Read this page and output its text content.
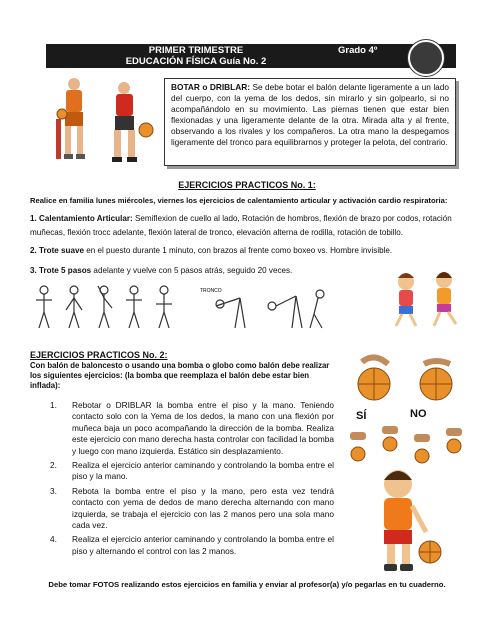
PRIMER TRIMESTRE
EDUCACIÓN FÍSICA Guía No. 2
Grado 4º
BOTAR o DRIBLAR: Se debe botar el balón delante ligeramente a un lado del cuerpo, con la yema de los dedos, sin mirarlo y sin golpearlo, si no acompañándolo en su movimiento. Las piernas tienen que estar bien flexionadas y una ligeramente delante de la otra. Mirada alta y al frente, observando a los rivales y los compañeros. La otra mano la despegamos ligeramente del tronco para equilibrarnos y proteger la pelota, del contrario.
EJERCICIOS PRACTICOS No. 1:
Realice en familia lunes miércoles, viernes los ejercicios de calentamiento articular y activación cardio respiratoria:
1. Calentamiento Articular: Semiflexion de cuello al lado, Rotación de hombros, flexión de brazo por codos, rotación muñecas, flexión trocc adelante, flexión lateral de tronco, elevación alterna de rodilla, rotación de tobillo.
2. Trote suave en el puesto durante 1 minuto, con brazos al frente como boxeo vs. Hombre invisible.
3. Trote 5 pasos adelante y vuelve con 5 pasos atrás, seguido 20 veces.
TRONCO
EJERCICIOS PRACTICOS No. 2:
Con balón de baloncesto o usando una bomba o globo como balón debe realizar los siguientes ejercicios: (la bomba que reemplaza el balón debe estar bien inflada):
1. Rebotar o DRIBLAR la bomba entre el piso y la mano. Teniendo contacto solo con la Yema de los dedos, la mano con una flexión por muñeca baja un poco acompañando la dirección de la bomba. Realiza este ejercicio con mano derecha hasta controlar con facilidad la bomba y luego con mano izquierda. Estático sin desplazamiento.
2. Realiza el ejercicio anterior caminando y controlando la bomba entre el piso y la mano.
3. Rebota la bomba entre el piso y la mano, pero esta vez tendrá contacto con yema de dedos de mano derecha alternando con mano izquierda, se trabaja el ejercicio con las 2 manos pero una sola mano cada vez.
4. Realiza el ejercicio anterior caminando y controlando la bomba entre el piso y alternando el control con las 2 manos.
SÍ	NO
Debe tomar FOTOS realizando estos ejercicios en familia y enviar al profesor(a) y/o pegarlas en tu cuaderno.
